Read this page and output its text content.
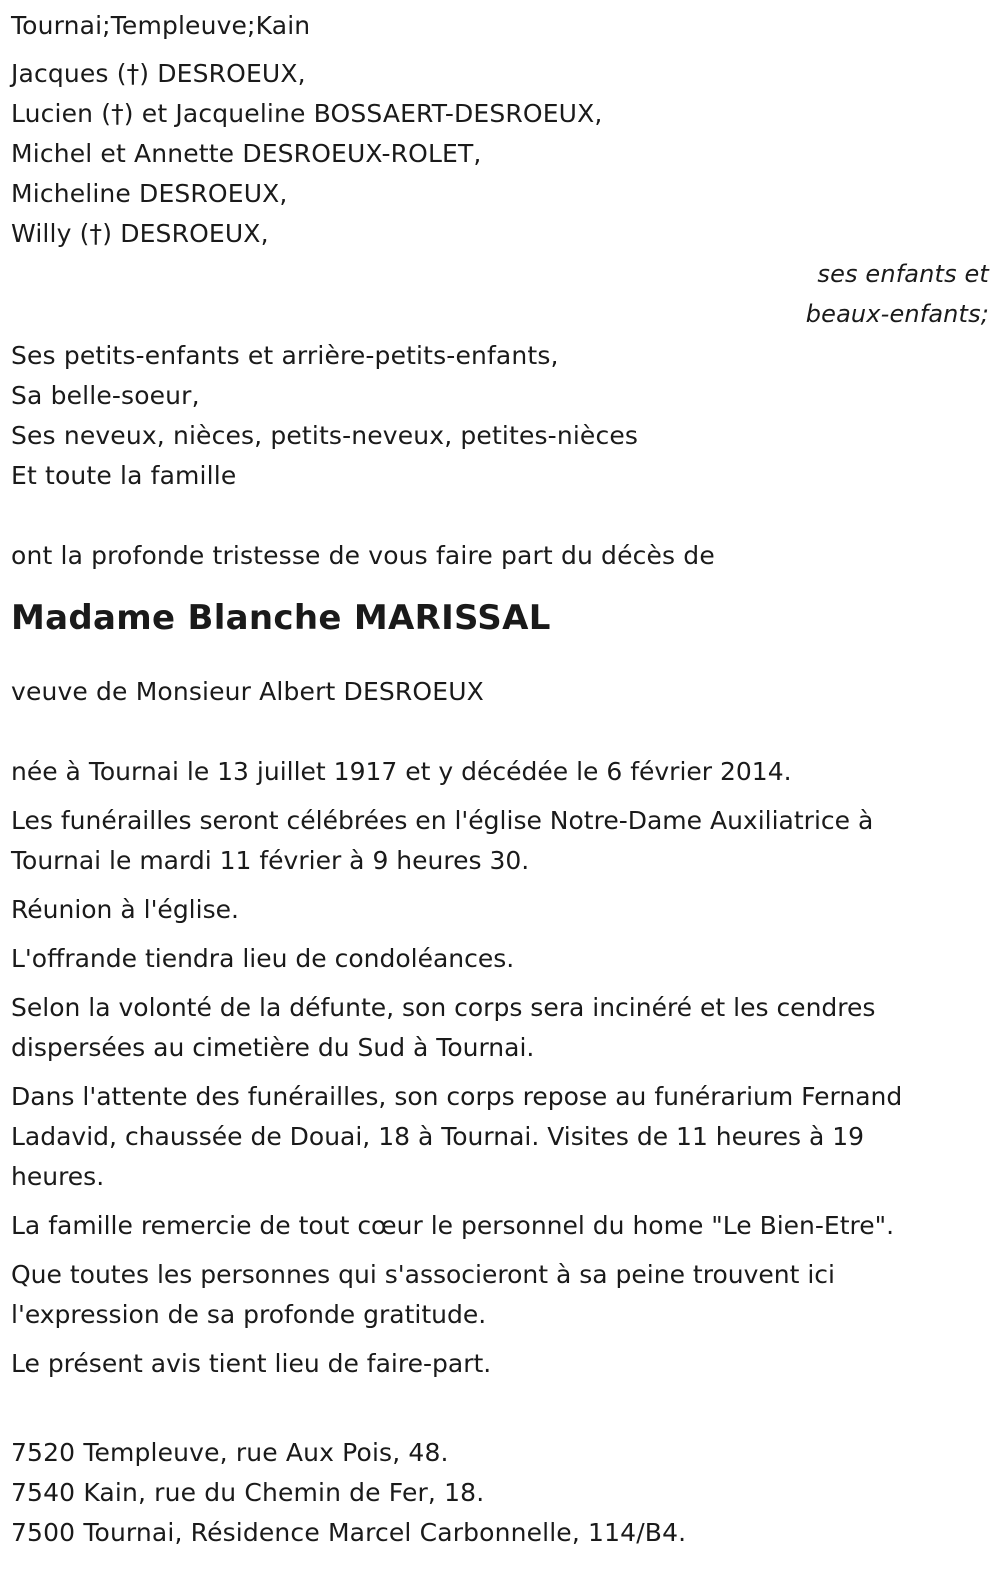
Tournai;Templeuve;Kain
Jacques (†) DESROEUX,
Lucien (†) et Jacqueline BOSSAERT-DESROEUX,
Michel et Annette DESROEUX-ROLET,
Micheline DESROEUX,
Willy (†) DESROEUX,
ses enfants et
beaux-enfants;
Ses petits-enfants et arrière-petits-enfants,
Sa belle-soeur,
Ses neveux, nièces, petits-neveux, petites-nièces
Et toute la famille
ont la profonde tristesse de vous faire part du décès de
Madame Blanche MARISSAL
veuve de Monsieur Albert DESROEUX
née à Tournai le 13 juillet 1917 et y décédée le 6 février 2014.
Les funérailles seront célébrées en l'église Notre-Dame Auxiliatrice à Tournai le mardi 11 février à 9 heures 30.
Réunion à l'église.
L'offrande tiendra lieu de condoléances.
Selon la volonté de la défunte, son corps sera incinéré et les cendres dispersées au cimetière du Sud à Tournai.
Dans l'attente des funérailles, son corps repose au funérarium Fernand Ladavid, chaussée de Douai, 18 à Tournai. Visites de 11 heures à 19 heures.
La famille remercie de tout cœur le personnel du home "Le Bien-Etre".
Que toutes les personnes qui s'associeront à sa peine trouvent ici l'expression de sa profonde gratitude.
Le présent avis tient lieu de faire-part.
7520 Templeuve, rue Aux Pois, 48.
7540 Kain, rue du Chemin de Fer, 18.
7500 Tournai, Résidence Marcel Carbonnelle, 114/B4.
